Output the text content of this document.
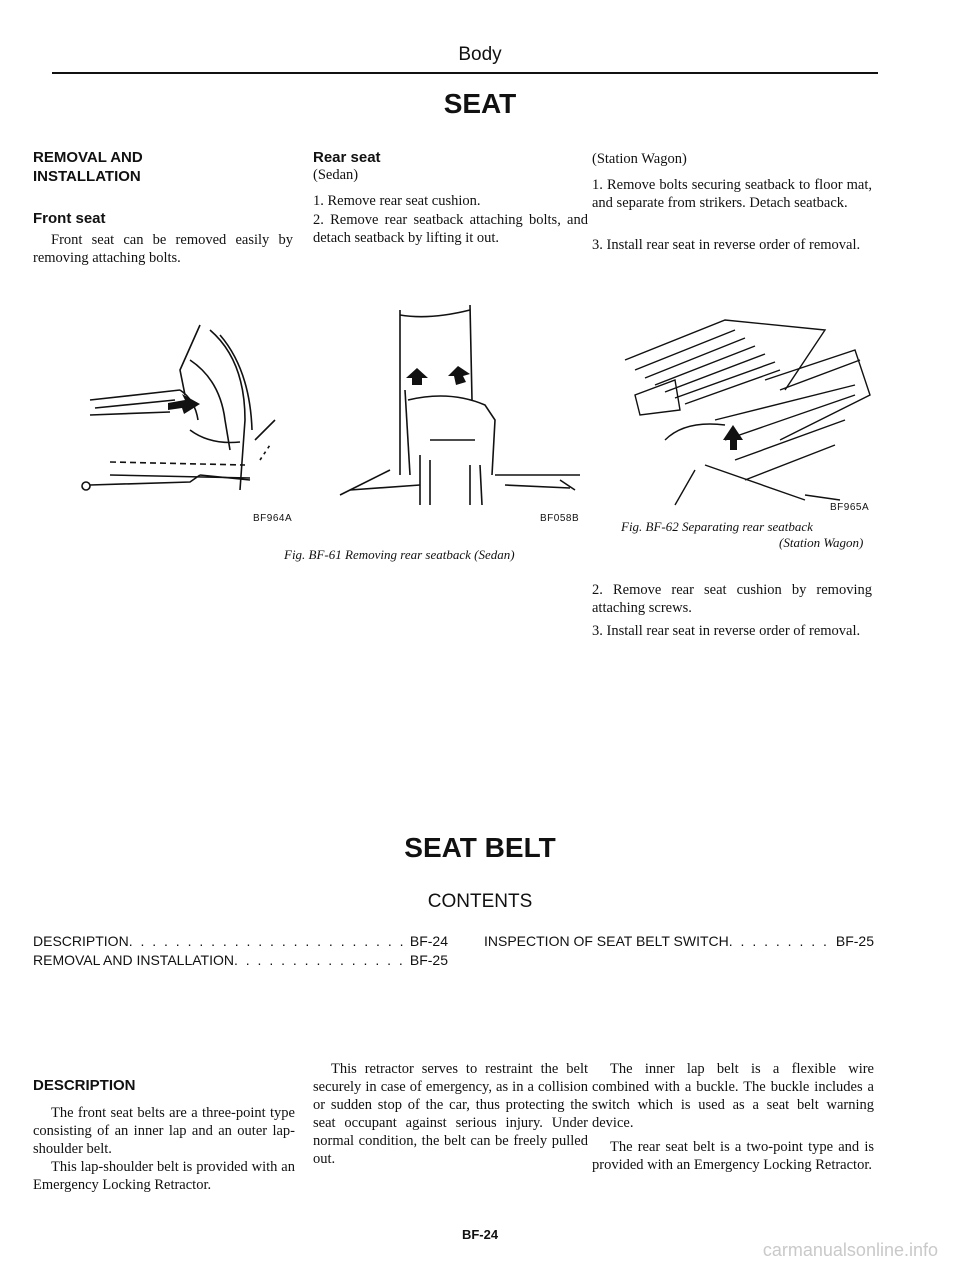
Body
SEAT
REMOVAL AND INSTALLATION
Front seat
Front seat can be removed easily by removing attaching bolts.
BF964A
Rear seat
(Sedan)
1. Remove rear seat cushion.
2. Remove rear seatback attaching bolts, and detach seatback by lifting it out.
BF058B
Fig. BF-61 Removing rear seatback (Sedan)
(Station Wagon)
1. Remove bolts securing seatback to floor mat, and separate from strikers. Detach seatback.
3. Install rear seat in reverse order of removal.
BF965A
Fig. BF-62 Separating rear seatback
(Station Wagon)
2. Remove rear seat cushion by removing attaching screws.
3. Install rear seat in reverse order of removal.
SEAT BELT
CONTENTS
DESCRIPTION . . .	BF-24
REMOVAL AND INSTALLATION . . .	BF-25
INSPECTION OF SEAT BELT SWITCH . . .	BF-25
DESCRIPTION
The front seat belts are a three-point type consisting of an inner lap and an outer lap-shoulder belt.
This lap-shoulder belt is provided with an Emergency Locking Retractor.
This retractor serves to restraint the belt securely in case of emergency, as in a collision or sudden stop of the car, thus protecting the seat occupant against serious injury. Under normal condition, the belt can be freely pulled out.
The inner lap belt is a flexible wire combined with a buckle. The buckle includes a switch which is used as a seat belt warning device.
The rear seat belt is a two-point type and is provided with an Emergency Locking Retractor.
BF-24
carmanualsonline.info
